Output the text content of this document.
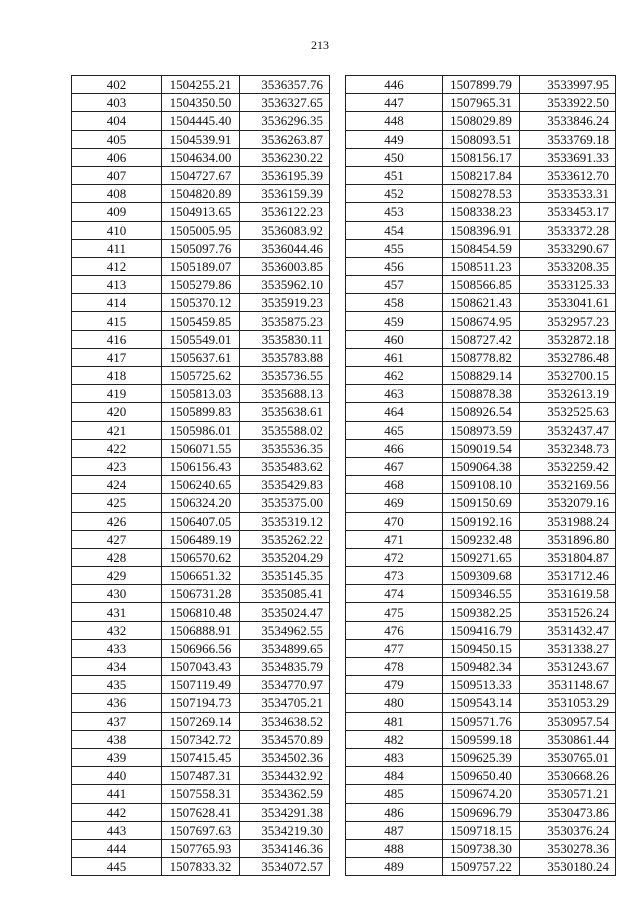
213
402	1504255.21	3536357.76
403	1504350.50	3536327.65
404	1504445.40	3536296.35
405	1504539.91	3536263.87
406	1504634.00	3536230.22
407	1504727.67	3536195.39
408	1504820.89	3536159.39
409	1504913.65	3536122.23
410	1505005.95	3536083.92
411	1505097.76	3536044.46
412	1505189.07	3536003.85
413	1505279.86	3535962.10
414	1505370.12	3535919.23
415	1505459.85	3535875.23
416	1505549.01	3535830.11
417	1505637.61	3535783.88
418	1505725.62	3535736.55
419	1505813.03	3535688.13
420	1505899.83	3535638.61
421	1505986.01	3535588.02
422	1506071.55	3535536.35
423	1506156.43	3535483.62
424	1506240.65	3535429.83
425	1506324.20	3535375.00
426	1506407.05	3535319.12
427	1506489.19	3535262.22
428	1506570.62	3535204.29
429	1506651.32	3535145.35
430	1506731.28	3535085.41
431	1506810.48	3535024.47
432	1506888.91	3534962.55
433	1506966.56	3534899.65
434	1507043.43	3534835.79
435	1507119.49	3534770.97
436	1507194.73	3534705.21
437	1507269.14	3534638.52
438	1507342.72	3534570.89
439	1507415.45	3534502.36
440	1507487.31	3534432.92
441	1507558.31	3534362.59
442	1507628.41	3534291.38
443	1507697.63	3534219.30
444	1507765.93	3534146.36
445	1507833.32	3534072.57
446	1507899.79	3533997.95
447	1507965.31	3533922.50
448	1508029.89	3533846.24
449	1508093.51	3533769.18
450	1508156.17	3533691.33
451	1508217.84	3533612.70
452	1508278.53	3533533.31
453	1508338.23	3533453.17
454	1508396.91	3533372.28
455	1508454.59	3533290.67
456	1508511.23	3533208.35
457	1508566.85	3533125.33
458	1508621.43	3533041.61
459	1508674.95	3532957.23
460	1508727.42	3532872.18
461	1508778.82	3532786.48
462	1508829.14	3532700.15
463	1508878.38	3532613.19
464	1508926.54	3532525.63
465	1508973.59	3532437.47
466	1509019.54	3532348.73
467	1509064.38	3532259.42
468	1509108.10	3532169.56
469	1509150.69	3532079.16
470	1509192.16	3531988.24
471	1509232.48	3531896.80
472	1509271.65	3531804.87
473	1509309.68	3531712.46
474	1509346.55	3531619.58
475	1509382.25	3531526.24
476	1509416.79	3531432.47
477	1509450.15	3531338.27
478	1509482.34	3531243.67
479	1509513.33	3531148.67
480	1509543.14	3531053.29
481	1509571.76	3530957.54
482	1509599.18	3530861.44
483	1509625.39	3530765.01
484	1509650.40	3530668.26
485	1509674.20	3530571.21
486	1509696.79	3530473.86
487	1509718.15	3530376.24
488	1509738.30	3530278.36
489	1509757.22	3530180.24
